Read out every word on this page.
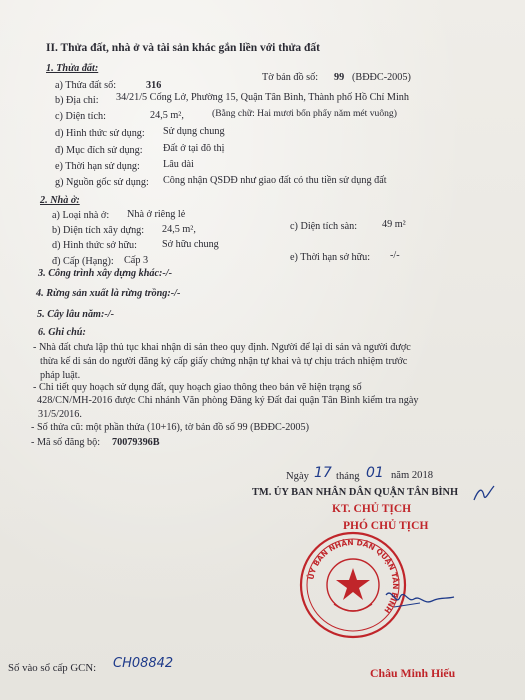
II. Thửa đất, nhà ở và tài sản khác gắn liền với thửa đất
1. Thửa đất:
a) Thửa đất số:	316
Tờ bản đồ số: 99 (BĐĐC-2005)
b) Địa chỉ: 34/21/5 Cống Lở, Phường 15, Quận Tân Bình, Thành phố Hồ Chí Minh
c) Diện tích:	24,5 m²,	(Bằng chữ: Hai mươi bốn phẩy năm mét vuông)
d) Hình thức sử dụng: Sử dụng chung
đ) Mục đích sử dụng: Đất ở tại đô thị
e) Thời hạn sử dụng: Lâu dài
g) Nguồn gốc sử dụng: Công nhận QSDĐ như giao đất có thu tiền sử dụng đất
2. Nhà ở:
a) Loại nhà ở: Nhà ở riêng lẻ
b) Diện tích xây dựng: 24,5 m²,	c) Diện tích sàn: 49 m²
d) Hình thức sở hữu: Sở hữu chung
đ) Cấp (Hạng): Cấp 3	e) Thời hạn sở hữu: -/-
3. Công trình xây dựng khác:-/-
4. Rừng sản xuất là rừng trồng:-/-
5. Cây lâu năm:-/-
6. Ghi chú:
- Nhà đất chưa lập thủ tục khai nhận di sản theo quy định. Người để lại di sản và người được
thừa kế di sản do người đăng ký cấp giấy chứng nhận tự khai và tự chịu trách nhiệm trước
pháp luật.
- Chi tiết quy hoạch sử dụng đất, quy hoạch giao thông theo bản vẽ hiện trạng số
428/CN/MH-2016 được Chi nhánh Văn phòng Đăng ký Đất đai quận Tân Bình kiểm tra ngày
31/5/2016.
- Số thửa cũ: một phần thửa (10+16), tờ bản đồ số 99 (BĐĐC-2005)
- Mã số đăng bộ: 70079396B
Ngày 17 tháng 01 năm 2018
TM. ỦY BAN NHÂN DÂN QUẬN TÂN BÌNH
KT. CHỦ TỊCH
PHÓ CHỦ TỊCH
ỦY BAN NHÂN DÂN QUẬN TÂN BÌNH
Châu Minh Hiếu
Số vào sổ cấp GCN: CH08842
